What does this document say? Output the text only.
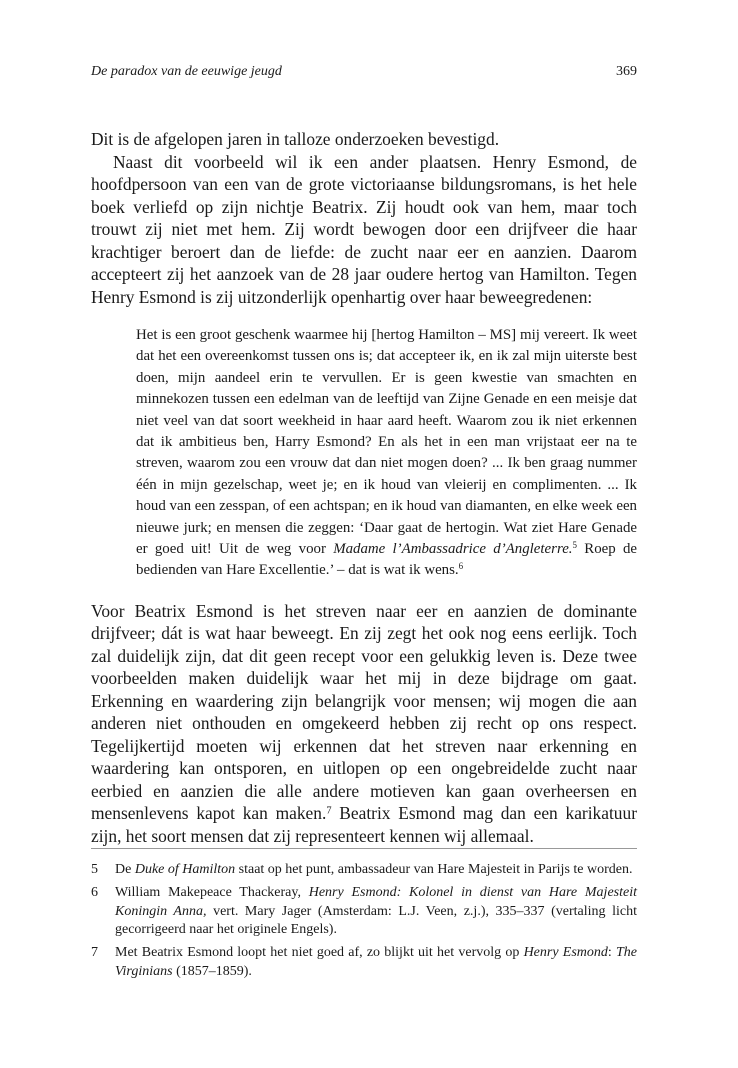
De paradox van de eeuwige jeugd	369

Dit is de afgelopen jaren in talloze onderzoeken bevestigd.

Naast dit voorbeeld wil ik een ander plaatsen. Henry Esmond, de hoofdpersoon van een van de grote victoriaanse bildungsromans, is het hele boek verliefd op zijn nichtje Beatrix. Zij houdt ook van hem, maar toch trouwt zij niet met hem. Zij wordt bewogen door een drijfveer die haar krachtiger beroert dan de liefde: de zucht naar eer en aanzien. Daarom accepteert zij het aanzoek van de 28 jaar oudere hertog van Hamilton. Tegen Henry Esmond is zij uitzonderlijk openhartig over haar beweegredenen:

Het is een groot geschenk waarmee hij [hertog Hamilton – MS] mij vereert. Ik weet dat het een overeenkomst tussen ons is; dat accepteer ik, en ik zal mijn uiterste best doen, mijn aandeel erin te vervullen. Er is geen kwestie van smachten en minnekozen tussen een edelman van de leeftijd van Zijne Genade en een meisje dat niet veel van dat soort weekheid in haar aard heeft. Waarom zou ik niet erkennen dat ik ambitieus ben, Harry Esmond? En als het in een man vrijstaat eer na te streven, waarom zou een vrouw dat dan niet mogen doen? ... Ik ben graag nummer één in mijn gezelschap, weet je; en ik houd van vleierij en complimenten. ... Ik houd van een zesspan, of een achtspan; en ik houd van diamanten, en elke week een nieuwe jurk; en mensen die zeggen: ‘Daar gaat de hertogin. Wat ziet Hare Genade er goed uit! Uit de weg voor Madame l’Ambassadrice d’Angleterre.$^5$ Roep de bedienden van Hare Excellentie.’ – dat is wat ik wens.$^6$

Voor Beatrix Esmond is het streven naar eer en aanzien de dominante drijfveer; dát is wat haar beweegt. En zij zegt het ook nog eens eerlijk. Toch zal duidelijk zijn, dat dit geen recept voor een gelukkig leven is. Deze twee voorbeelden maken duidelijk waar het mij in deze bijdrage om gaat. Erkenning en waardering zijn belangrijk voor mensen; wij mogen die aan anderen niet onthouden en omgekeerd hebben zij recht op ons respect. Tegelijkertijd moeten wij erkennen dat het streven naar erkenning en waardering kan ontsporen, en uitlopen op een ongebreidelde zucht naar eerbied en aanzien die alle andere motieven kan gaan overheersen en mensenlevens kapot kan maken.$^7$ Beatrix Esmond mag dan een karikatuur zijn, het soort mensen dat zij representeert kennen wij allemaal.

5	De Duke of Hamilton staat op het punt, ambassadeur van Hare Majesteit in Parijs te worden.
6	William Makepeace Thackeray, Henry Esmond: Kolonel in dienst van Hare Majesteit Koningin Anna, vert. Mary Jager (Amsterdam: L.J. Veen, z.j.), 335–337 (vertaling licht gecorrigeerd naar het originele Engels).
7	Met Beatrix Esmond loopt het niet goed af, zo blijkt uit het vervolg op Henry Esmond: The Virginians (1857–1859).
